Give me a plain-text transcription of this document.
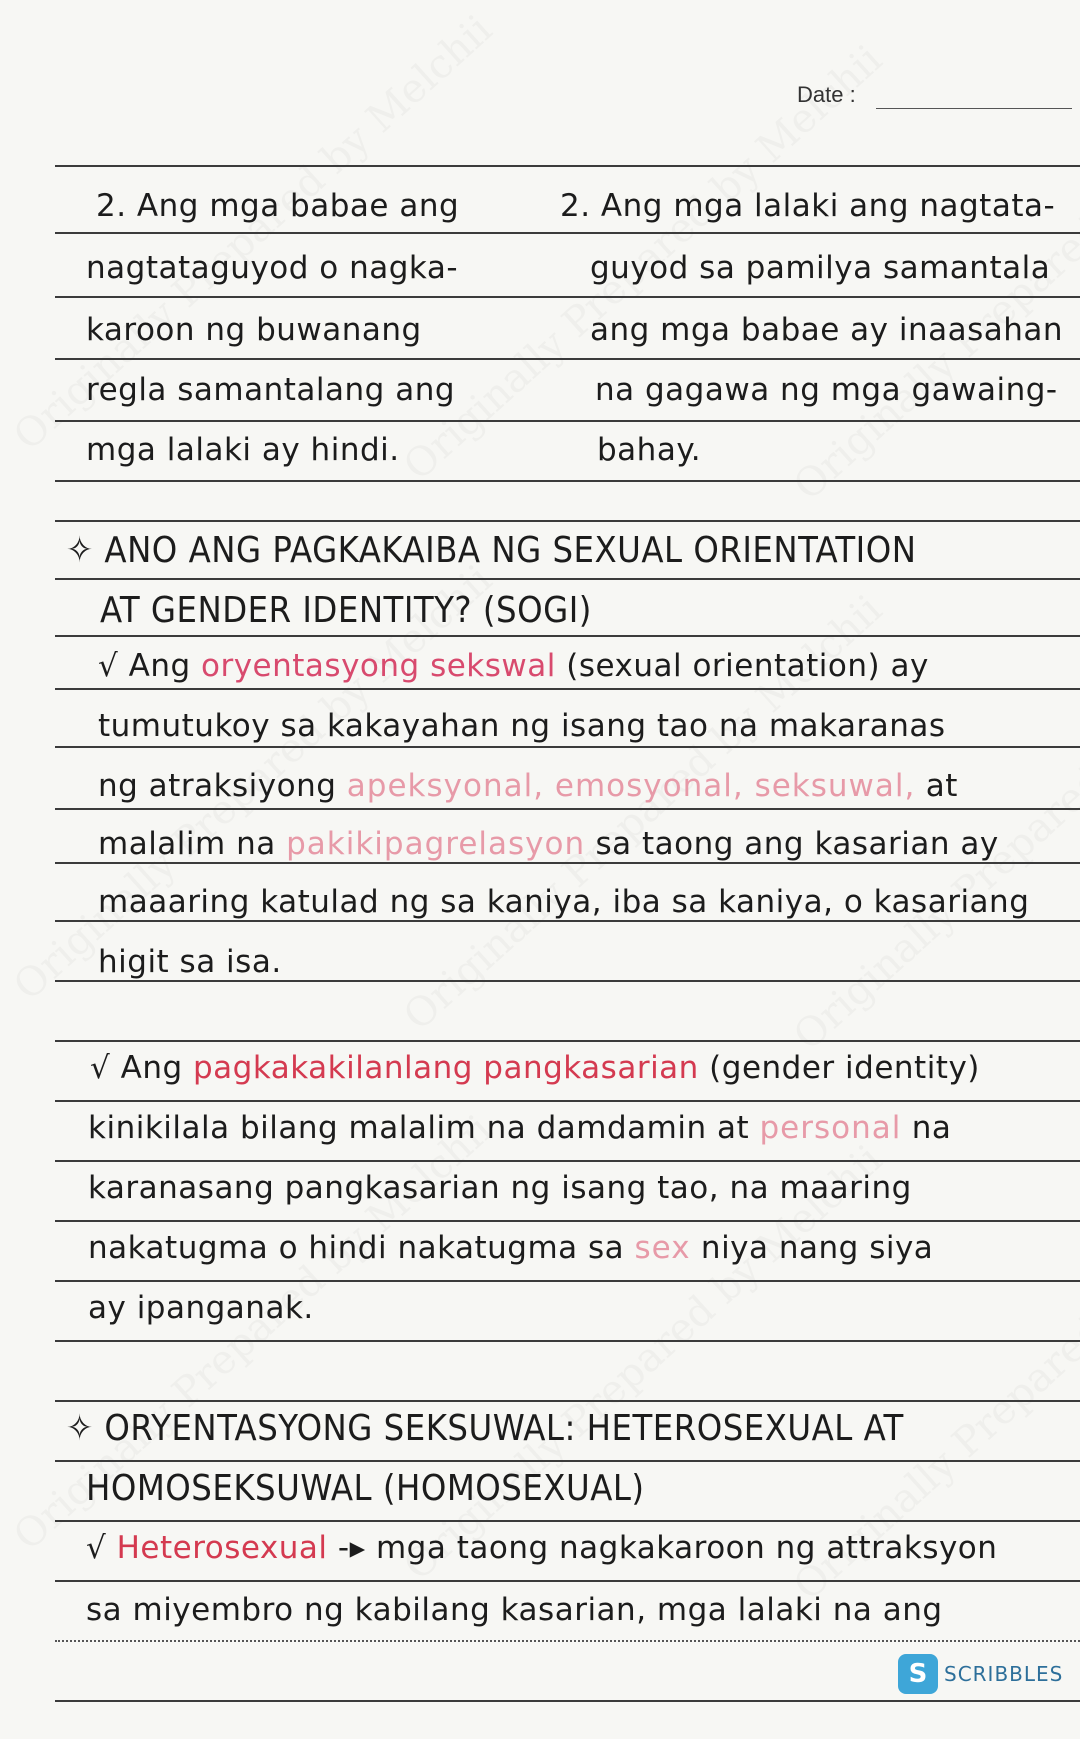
Date :
2. Ang mga babae ang
nagtataguyod o nagka-
karoon ng buwanang
regla samantalang ang
mga lalaki ay hindi.
2. Ang mga lalaki ang nagtata-
guyod sa pamilya samantala
ang mga babae ay inaasahan
na gagawa ng mga gawaing-
bahay.
✧ ANO ANG PAGKAKAIBA NG SEXUAL ORIENTATION
AT GENDER IDENTITY? (SOGI)
√ Ang oryentasyong sekswal (sexual orientation) ay
tumutukoy sa kakayahan ng isang tao na makaranas
ng atraksiyong apeksyonal, emosyonal, seksuwal, at
malalim na pakikipagrelasyon sa taong ang kasarian ay
maaaring katulad ng sa kaniya, iba sa kaniya, o kasariang
higit sa isa.
√ Ang pagkakakilanlang pangkasarian (gender identity)
kinikilala bilang malalim na damdamin at personal na
karanasang pangkasarian ng isang tao, na maaring
nakatugma o hindi nakatugma sa sex niya nang siya
ay ipanganak.
✧ ORYENTASYONG SEKSUWAL: HETEROSEXUAL AT
HOMOSEKSUWAL (HOMOSEXUAL)
√ Heterosexual -▸ mga taong nagkakaroon ng attraksyon
sa miyembro ng kabilang kasarian, mga lalaki na ang
S SCRIBBLES
